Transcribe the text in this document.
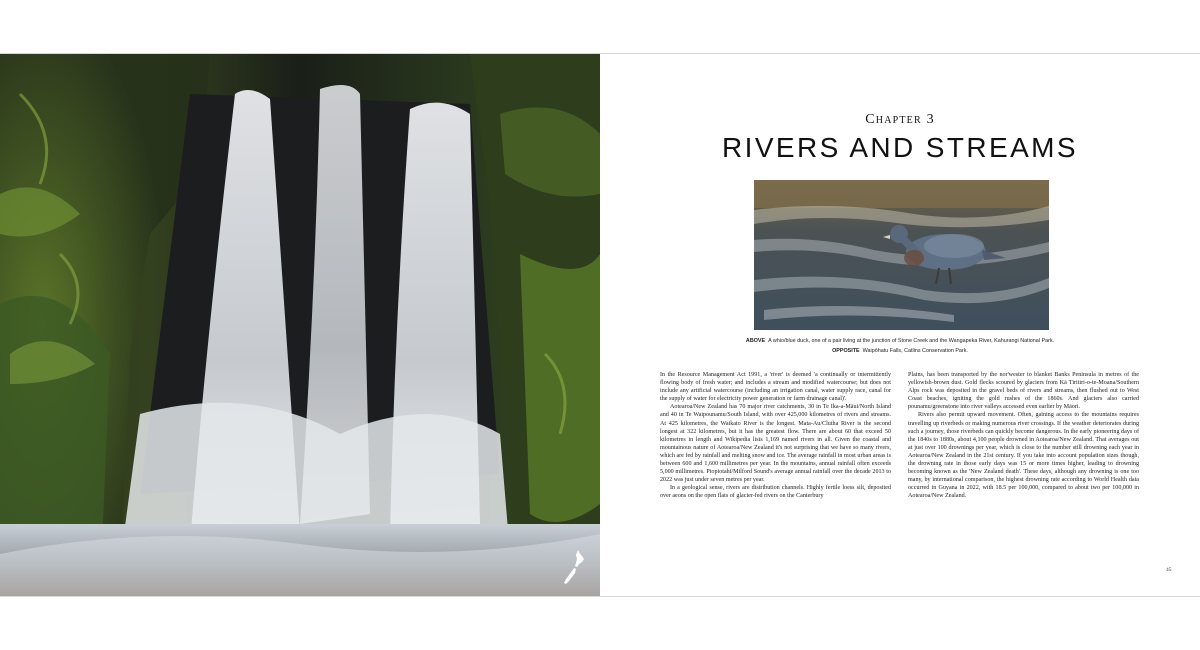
Chapter 3
RIVERS AND STREAMS
ABOVE A whio/blue duck, one of a pair living at the junction of Stone Creek and the Wangapeka River, Kahurangi National Park.
OPPOSITE Waipōhatu Falls, Catlins Conservation Park.

In the Resource Management Act 1991, a 'river' is deemed 'a continually or intermittently flowing body of fresh water; and includes a stream and modified watercourse; but does not include any artificial watercourse (including an irrigation canal, water supply race, canal for the supply of water for electricity power generation or farm drainage canal)'.

Aotearoa/New Zealand has 70 major river catchments, 30 in Te Ika-a-Māui/North Island and 40 in Te Waipounamu/South Island, with over 425,000 kilometres of rivers and streams. At 425 kilometres, the Waikato River is the longest. Mata-Au/Clutha River is the second longest at 322 kilometres, but it has the greatest flow. There are about 60 that exceed 50 kilometres in length and Wikipedia lists 1,169 named rivers in all. Given the coastal and mountainous nature of Aotearoa/New Zealand it's not surprising that we have so many rivers, which are fed by rainfall and melting snow and ice. The average rainfall in most urban areas is between 600 and 1,600 millimetres per year. In the mountains, annual rainfall often exceeds 5,000 millimetres. Piopiotahi/Milford Sound's average annual rainfall over the decade 2013 to 2022 was just under seven metres per year.

In a geological sense, rivers are distribution channels. Highly fertile loess silt, deposited over aeons on the open flats of glacier-fed rivers on the Canterbury

Plains, has been transported by the nor'wester to blanket Banks Peninsula in metres of the yellowish-brown dust. Gold flecks scoured by glaciers from Kā Tiritiri-o-te-Moana/Southern Alps rock was deposited in the gravel beds of rivers and streams, then flushed out to West Coast beaches, igniting the gold rushes of the 1860s. And glaciers also carried pounamu/greenstone into river valleys accessed even earlier by Māori.

Rivers also permit upward movement. Often, gaining access to the mountains requires travelling up riverbeds or making numerous river crossings. If the weather deteriorates during such a journey, those riverbeds can quickly become dangerous. In the early pioneering days of the 1840s to 1880s, about 4,100 people drowned in Aotearoa/New Zealand. That averages out at just over 100 drownings per year, which is close to the number still drowning each year in Aotearoa/New Zealand in the 21st century. If you take into account population sizes though, the drowning rate in those early days was 15 or more times higher, leading to drowning becoming known as the 'New Zealand death'. These days, although any drowning is one too many, by international comparison, the highest drowning rate according to World Health data occurred in Guyana in 2022, with 18.5 per 100,000, compared to about two per 100,000 in Aotearoa/New Zealand.

45
